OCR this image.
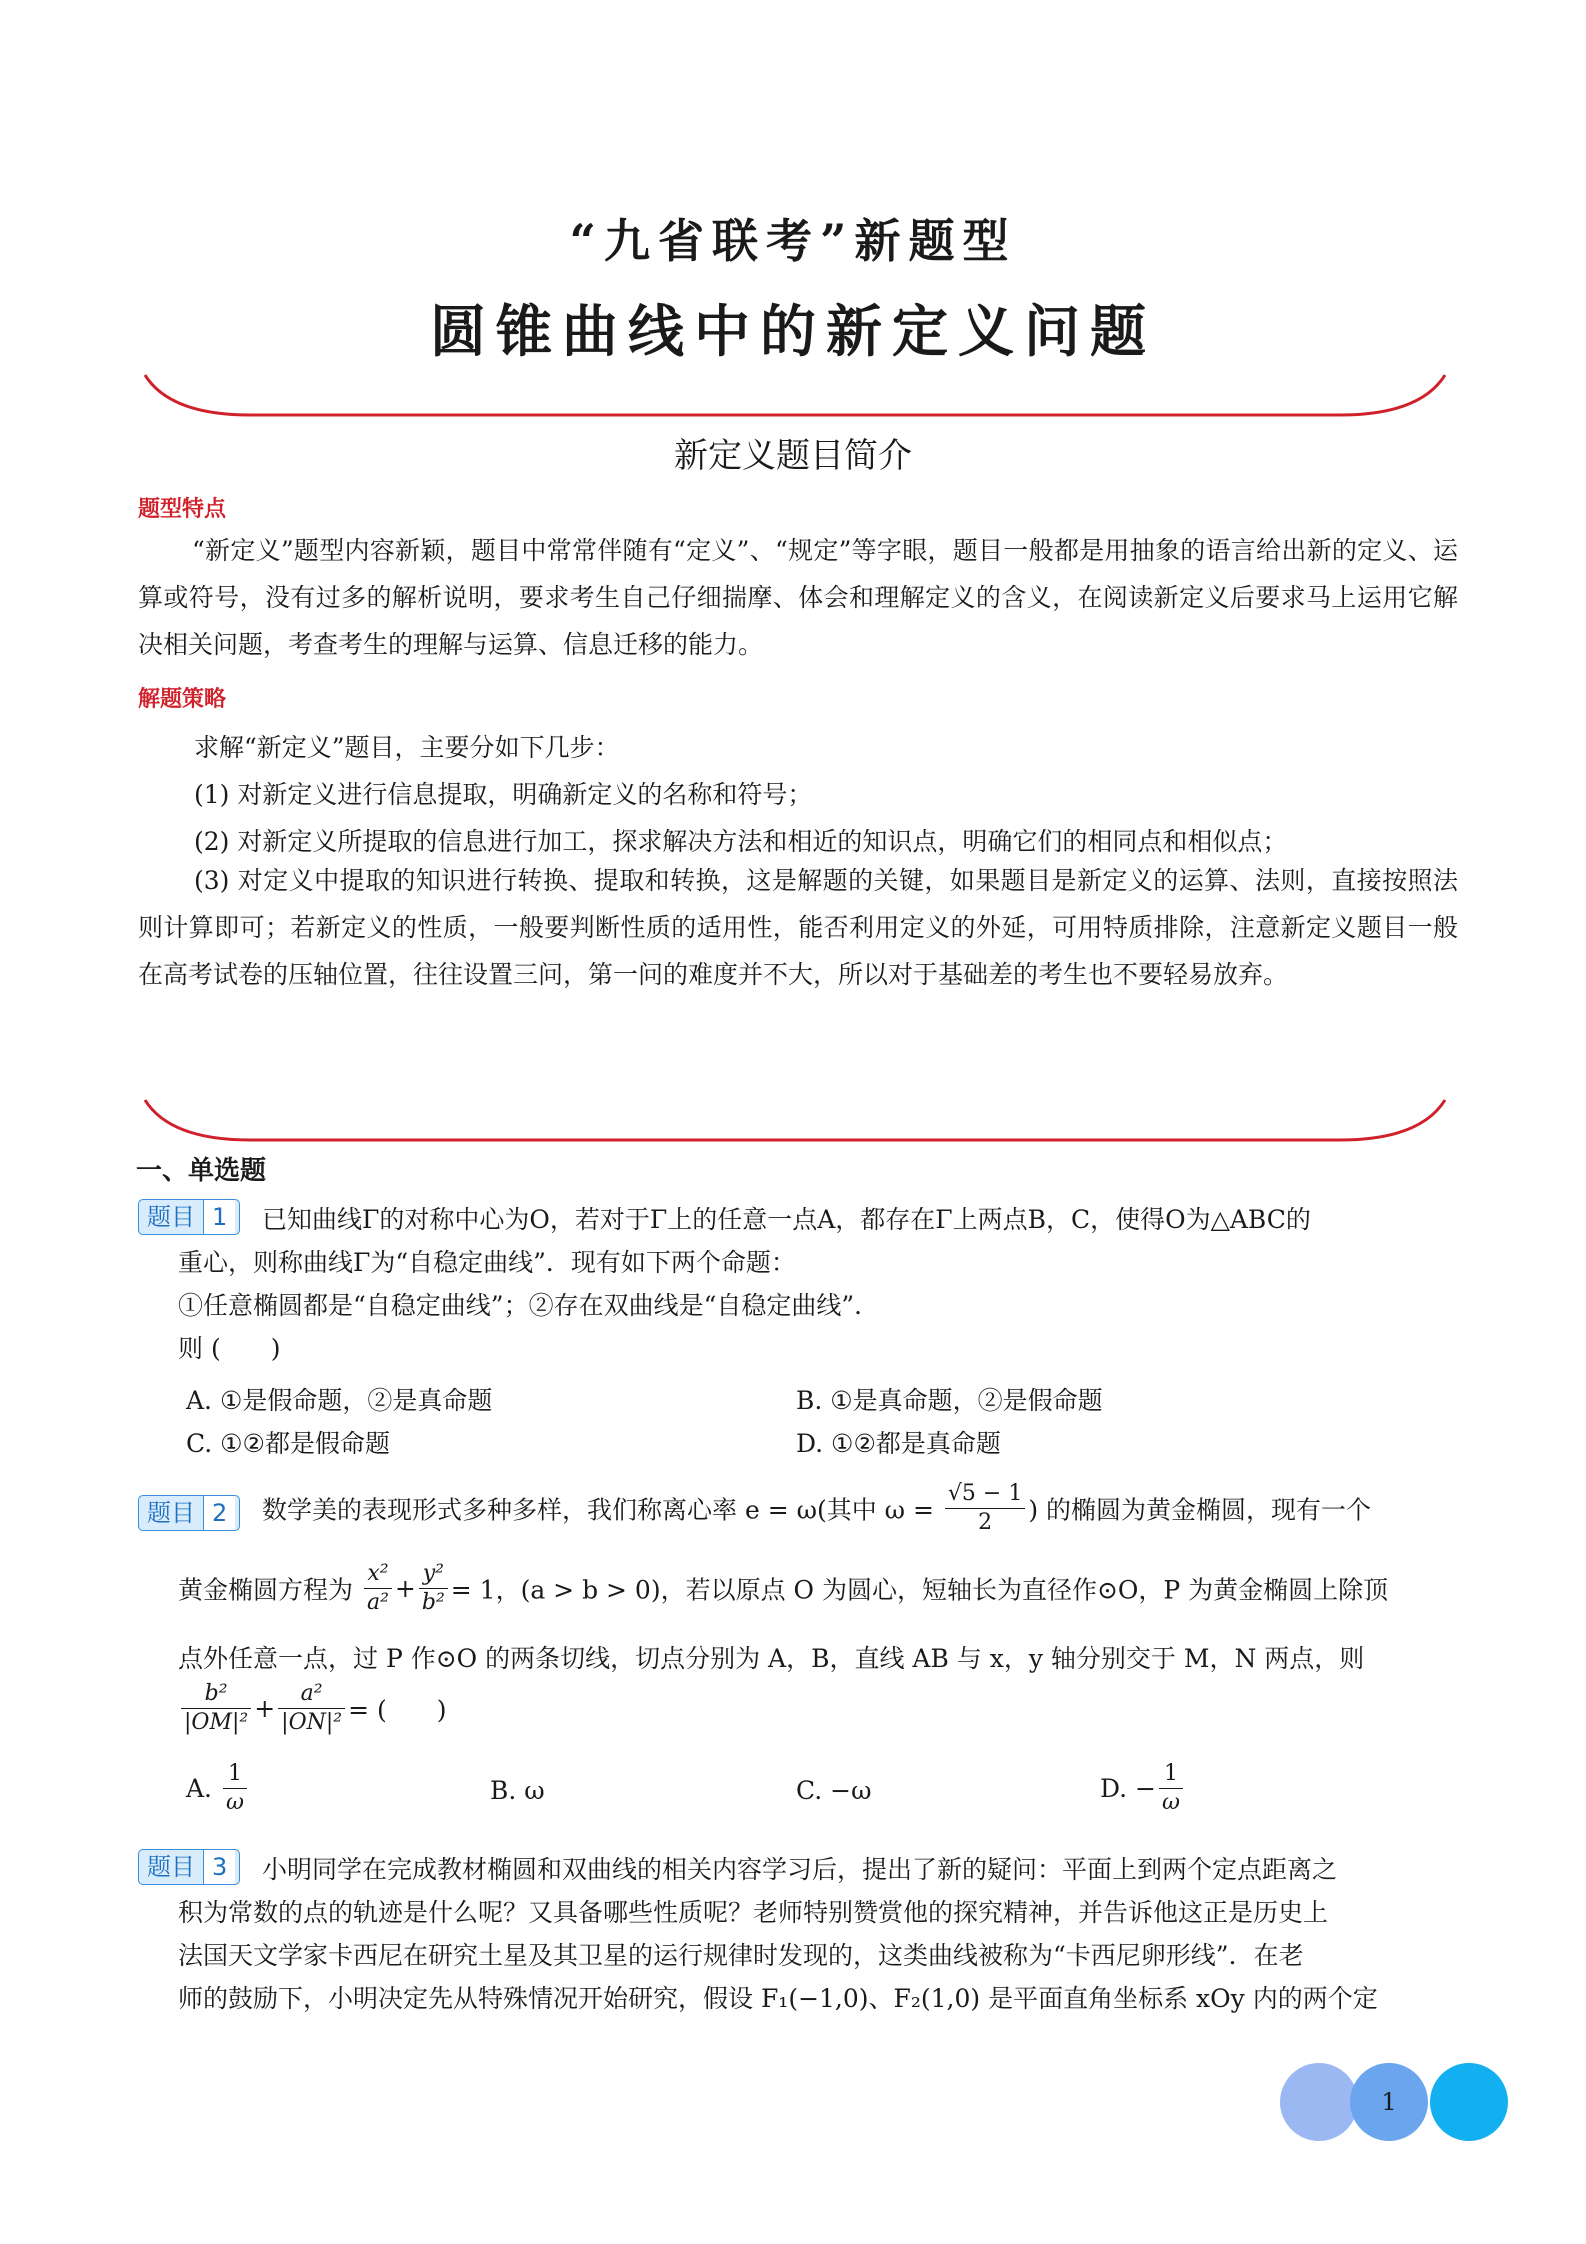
“九省联考”新题型
圆锥曲线中的新定义问题
新定义题目简介
题型特点
“新定义”题型内容新颖，题目中常常伴随有“定义”、“规定”等字眼，题目一般都是用抽象的语言给出新的定义、运算或符号，没有过多的解析说明，要求考生自己仔细揣摩、体会和理解定义的含义，在阅读新定义后要求马上运用它解决相关问题，考查考生的理解与运算、信息迁移的能力。
解题策略
求解“新定义”题目，主要分如下几步：
(1) 对新定义进行信息提取，明确新定义的名称和符号；
(2) 对新定义所提取的信息进行加工，探求解决方法和相近的知识点，明确它们的相同点和相似点；
(3) 对定义中提取的知识进行转换、提取和转换，这是解题的关键，如果题目是新定义的运算、法则，直接按照法则计算即可；若新定义的性质，一般要判断性质的适用性，能否利用定义的外延，可用特质排除，注意新定义题目一般在高考试卷的压轴位置，往往设置三问，第一问的难度并不大，所以对于基础差的考生也不要轻易放弃。
一、单选题
题目 1	已知曲线Γ的对称中心为O，若对于Γ上的任意一点A，都存在Γ上两点B，C，使得O为△ABC的
重心，则称曲线Γ为“自稳定曲线”．现有如下两个命题：
①任意椭圆都是“自稳定曲线”；②存在双曲线是“自稳定曲线”．
则 (　　)
A. ①是假命题，②是真命题	B. ①是真命题，②是假命题
C. ①②都是假命题	D. ①②都是真命题
题目 2	数学美的表现形式多种多样，我们称离心率 e = ω(其中 $\omega = \frac{√5 - 1}{2}$ ) 的椭圆为黄金椭圆，现有一个
黄金椭圆方程为 $\frac{\text{x²}}{\text{a²}} + \frac{\text{y²}}{\text{b²}} = 1$，(a > b > 0)，若以原点 O 为圆心，短轴长为直径作⊙O，P 为黄金椭圆上除顶
点外任意一点，过 P 作⊙O 的两条切线，切点分别为 A，B，直线 AB 与 x，y 轴分别交于 M，N 两点，则
$\frac{\text{b²}}{\text{|OM|²}} + \frac{\text{a²}}{\text{|ON|²}}$ = (　　)
A. $\frac{1}{\omega}$	B. ω	C. −ω	D. − $\frac{1}{\omega}$
题目 3	小明同学在完成教材椭圆和双曲线的相关内容学习后，提出了新的疑问：平面上到两个定点距离之
积为常数的点的轨迹是什么呢？又具备哪些性质呢？老师特别赞赏他的探究精神，并告诉他这正是历史上
法国天文学家卡西尼在研究土星及其卫星的运行规律时发现的，这类曲线被称为“卡西尼卵形线”．在老
师的鼓励下，小明决定先从特殊情况开始研究，假设 F₁(−1,0)、F₂(1,0) 是平面直角坐标系 xOy 内的两个定
1
